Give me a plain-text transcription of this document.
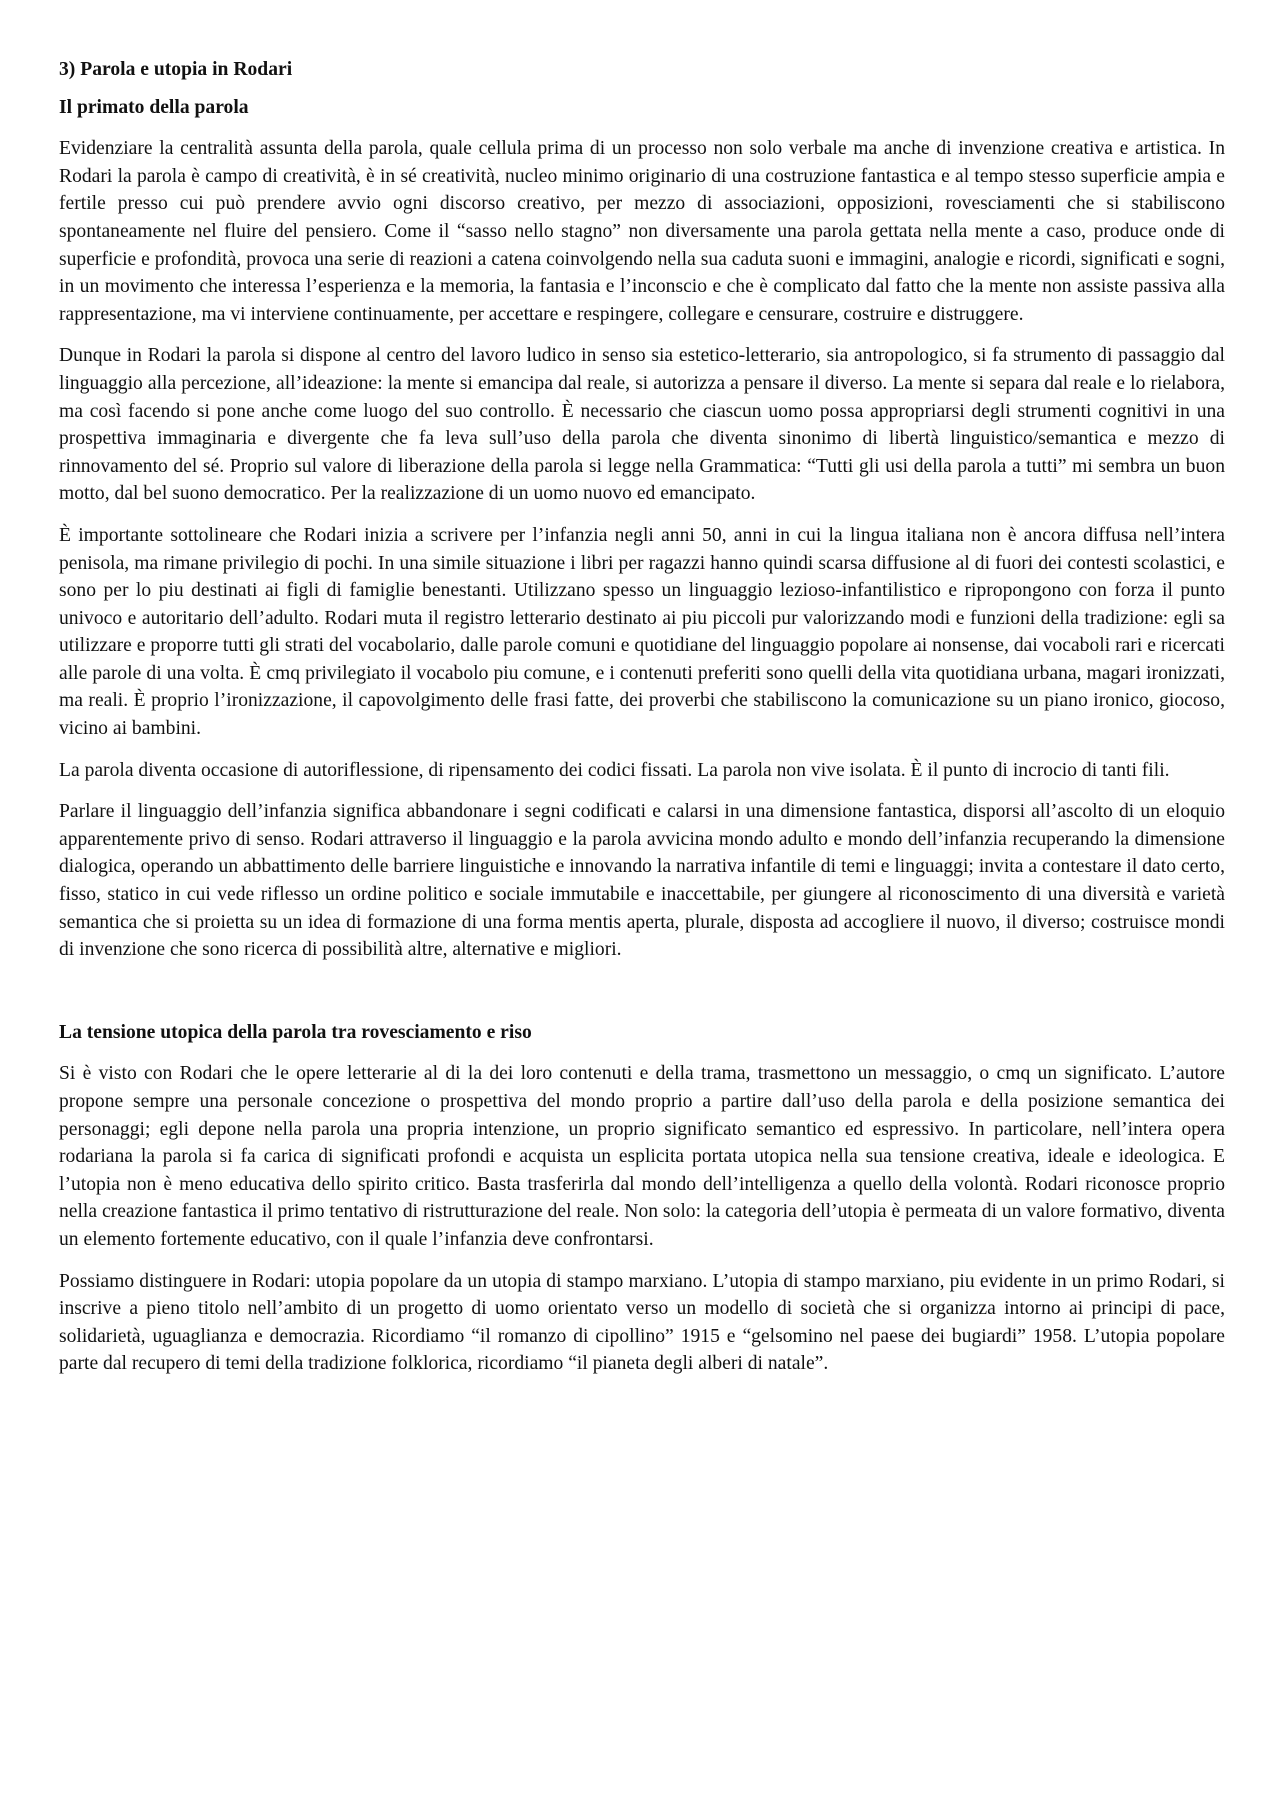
3) Parola e utopia in Rodari
Il primato della parola

Evidenziare la centralità assunta della parola, quale cellula prima di un processo non solo verbale ma anche di invenzione creativa e artistica. In Rodari la parola è campo di creatività, è in sé creatività, nucleo minimo originario di una costruzione fantastica e al tempo stesso superficie ampia e fertile presso cui può prendere avvio ogni discorso creativo, per mezzo di associazioni, opposizioni, rovesciamenti che si stabiliscono spontaneamente nel fluire del pensiero. Come il “sasso nello stagno” non diversamente una parola gettata nella mente a caso, produce onde di superficie e profondità, provoca una serie di reazioni a catena coinvolgendo nella sua caduta suoni e immagini, analogie e ricordi, significati e sogni, in un movimento che interessa l’esperienza e la memoria, la fantasia e l’inconscio e che è complicato dal fatto che la mente non assiste passiva alla rappresentazione, ma vi interviene continuamente, per accettare e respingere, collegare e censurare, costruire e distruggere.

Dunque in Rodari la parola si dispone al centro del lavoro ludico in senso sia estetico-letterario, sia antropologico, si fa strumento di passaggio dal linguaggio alla percezione, all’ideazione: la mente si emancipa dal reale, si autorizza a pensare il diverso. La mente si separa dal reale e lo rielabora, ma così facendo si pone anche come luogo del suo controllo. È necessario che ciascun uomo possa appropriarsi degli strumenti cognitivi in una prospettiva immaginaria e divergente che fa leva sull’uso della parola che diventa sinonimo di libertà linguistico/semantica e mezzo di rinnovamento del sé. Proprio sul valore di liberazione della parola si legge nella Grammatica: “Tutti gli usi della parola a tutti” mi sembra un buon motto, dal bel suono democratico. Per la realizzazione di un uomo nuovo ed emancipato.

È importante sottolineare che Rodari inizia a scrivere per l’infanzia negli anni 50, anni in cui la lingua italiana non è ancora diffusa nell’intera penisola, ma rimane privilegio di pochi. In una simile situazione i libri per ragazzi hanno quindi scarsa diffusione al di fuori dei contesti scolastici, e sono per lo piu destinati ai figli di famiglie benestanti. Utilizzano spesso un linguaggio lezioso-infantilistico e ripropongono con forza il punto univoco e autoritario dell’adulto. Rodari muta il registro letterario destinato ai piu piccoli pur valorizzando modi e funzioni della tradizione: egli sa utilizzare e proporre tutti gli strati del vocabolario, dalle parole comuni e quotidiane del linguaggio popolare ai nonsense, dai vocaboli rari e ricercati alle parole di una volta. È cmq privilegiato il vocabolo piu comune, e i contenuti preferiti sono quelli della vita quotidiana urbana, magari ironizzati, ma reali. È proprio l’ironizzazione, il capovolgimento delle frasi fatte, dei proverbi che stabiliscono la comunicazione su un piano ironico, giocoso, vicino ai bambini.

La parola diventa occasione di autoriflessione, di ripensamento dei codici fissati. La parola non vive isolata. È il punto di incrocio di tanti fili.

Parlare il linguaggio dell’infanzia significa abbandonare i segni codificati e calarsi in una dimensione fantastica, disporsi all’ascolto di un eloquio apparentemente privo di senso. Rodari attraverso il linguaggio e la parola avvicina mondo adulto e mondo dell’infanzia recuperando la dimensione dialogica, operando un abbattimento delle barriere linguistiche e innovando la narrativa infantile di temi e linguaggi; invita a contestare il dato certo, fisso, statico in cui vede riflesso un ordine politico e sociale immutabile e inaccettabile, per giungere al riconoscimento di una diversità e varietà semantica che si proietta su un idea di formazione di una forma mentis aperta, plurale, disposta ad accogliere il nuovo, il diverso; costruisce mondi di invenzione che sono ricerca di possibilità altre, alternative e migliori.

La tensione utopica della parola tra rovesciamento e riso

Si è visto con Rodari che le opere letterarie al di la dei loro contenuti e della trama, trasmettono un messaggio, o cmq un significato. L’autore propone sempre una personale concezione o prospettiva del mondo proprio a partire dall’uso della parola e della posizione semantica dei personaggi; egli depone nella parola una propria intenzione, un proprio significato semantico ed espressivo. In particolare, nell’intera opera rodariana la parola si fa carica di significati profondi e acquista un esplicita portata utopica nella sua tensione creativa, ideale e ideologica. E l’utopia non è meno educativa dello spirito critico. Basta trasferirla dal mondo dell’intelligenza a quello della volontà. Rodari riconosce proprio nella creazione fantastica il primo tentativo di ristrutturazione del reale. Non solo: la categoria dell’utopia è permeata di un valore formativo, diventa un elemento fortemente educativo, con il quale l’infanzia deve confrontarsi.

Possiamo distinguere in Rodari: utopia popolare da un utopia di stampo marxiano. L’utopia di stampo marxiano, piu evidente in un primo Rodari, si inscrive a pieno titolo nell’ambito di un progetto di uomo orientato verso un modello di società che si organizza intorno ai principi di pace, solidarietà, uguaglianza e democrazia. Ricordiamo “il romanzo di cipollino” 1915 e “gelsomino nel paese dei bugiardi” 1958. L’utopia popolare parte dal recupero di temi della tradizione folklorica, ricordiamo “il pianeta degli alberi di natale”.
